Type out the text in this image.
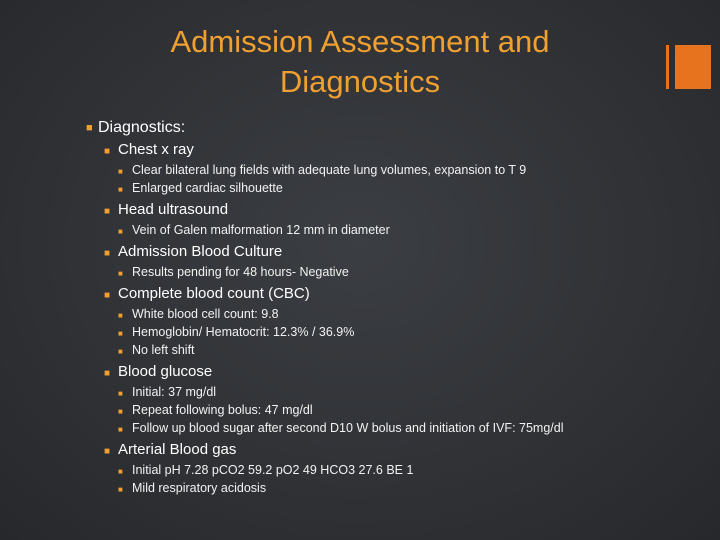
Admission Assessment and
Diagnostics
■ Diagnostics:
■ Chest x ray
■ Clear bilateral lung fields with adequate lung volumes, expansion to T 9
■ Enlarged cardiac silhouette
■ Head ultrasound
■ Vein of Galen malformation 12 mm in diameter
■ Admission Blood Culture
■ Results pending for 48 hours- Negative
■ Complete blood count (CBC)
■ White blood cell count: 9.8
■ Hemoglobin/ Hematocrit: 12.3% / 36.9%
■ No left shift
■ Blood glucose
■ Initial: 37 mg/dl
■ Repeat following bolus: 47 mg/dl
■ Follow up blood sugar after second D10 W bolus and initiation of IVF: 75mg/dl
■ Arterial Blood gas
■ Initial pH 7.28 pCO2 59.2 pO2 49 HCO3 27.6 BE 1
■ Mild respiratory acidosis
